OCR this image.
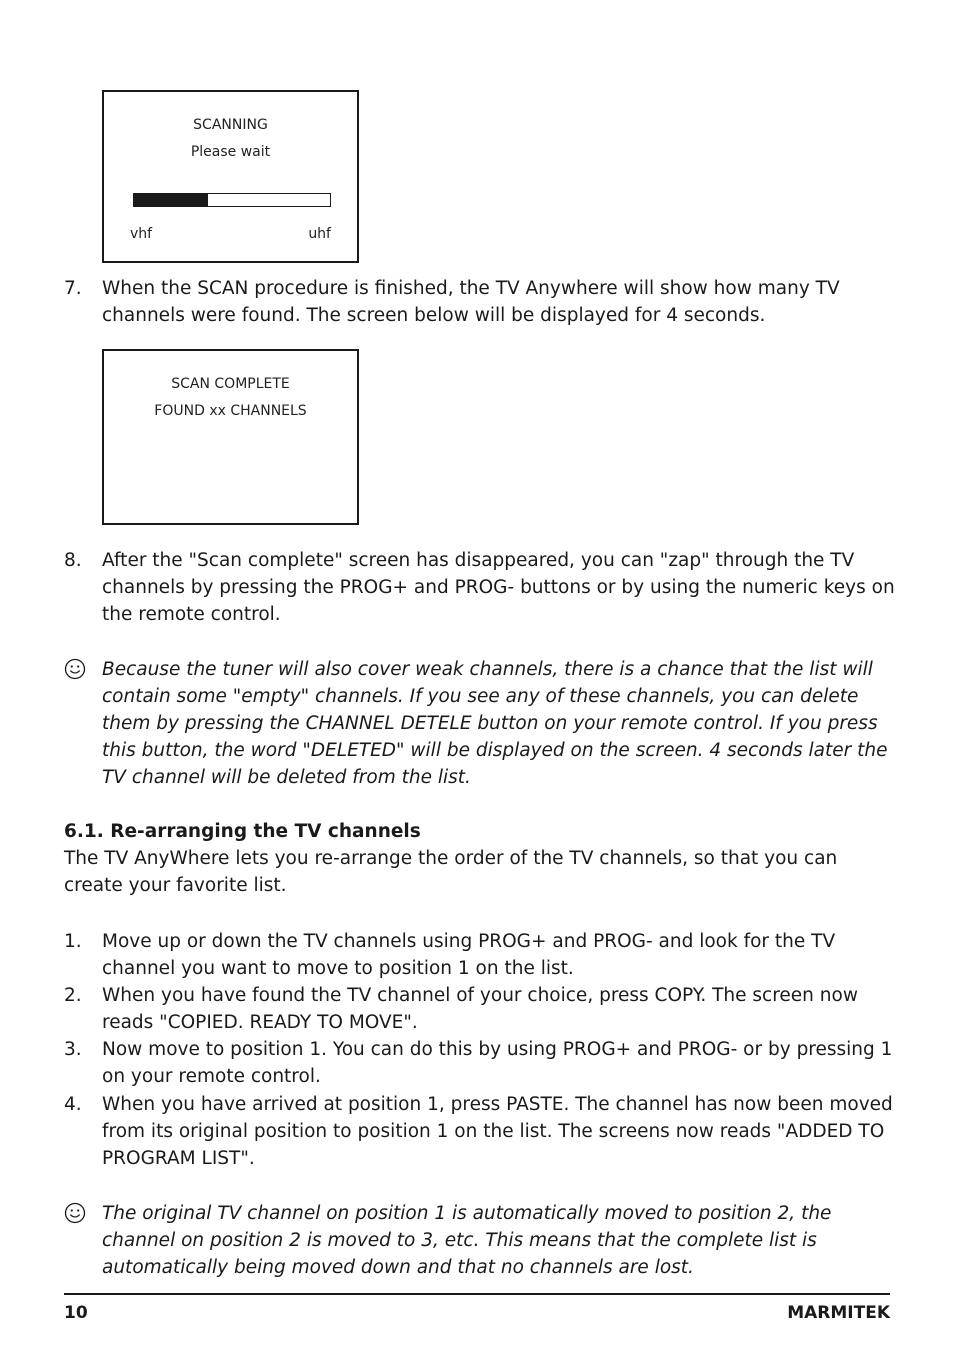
SCANNING
Please wait
vhf	uhf
7. When the SCAN procedure is finished, the TV Anywhere will show how many TV channels were found. The screen below will be displayed for 4 seconds.
SCAN COMPLETE
FOUND xx CHANNELS
8. After the "Scan complete" screen has disappeared, you can "zap" through the TV channels by pressing the PROG+ and PROG- buttons or by using the numeric keys on the remote control.
Because the tuner will also cover weak channels, there is a chance that the list will contain some "empty" channels. If you see any of these channels, you can delete them by pressing the CHANNEL DETELE button on your remote control. If you press this button, the word "DELETED" will be displayed on the screen. 4 seconds later the TV channel will be deleted from the list.
6.1. Re-arranging the TV channels
The TV AnyWhere lets you re-arrange the order of the TV channels, so that you can create your favorite list.
1. Move up or down the TV channels using PROG+ and PROG- and look for the TV channel you want to move to position 1 on the list.
2. When you have found the TV channel of your choice, press COPY. The screen now reads "COPIED. READY TO MOVE".
3. Now move to position 1. You can do this by using PROG+ and PROG- or by pressing 1 on your remote control.
4. When you have arrived at position 1, press PASTE. The channel has now been moved from its original position to position 1 on the list. The screens now reads "ADDED TO PROGRAM LIST".
The original TV channel on position 1 is automatically moved to position 2, the channel on position 2 is moved to 3, etc. This means that the complete list is automatically being moved down and that no channels are lost.
10	MARMITEK
